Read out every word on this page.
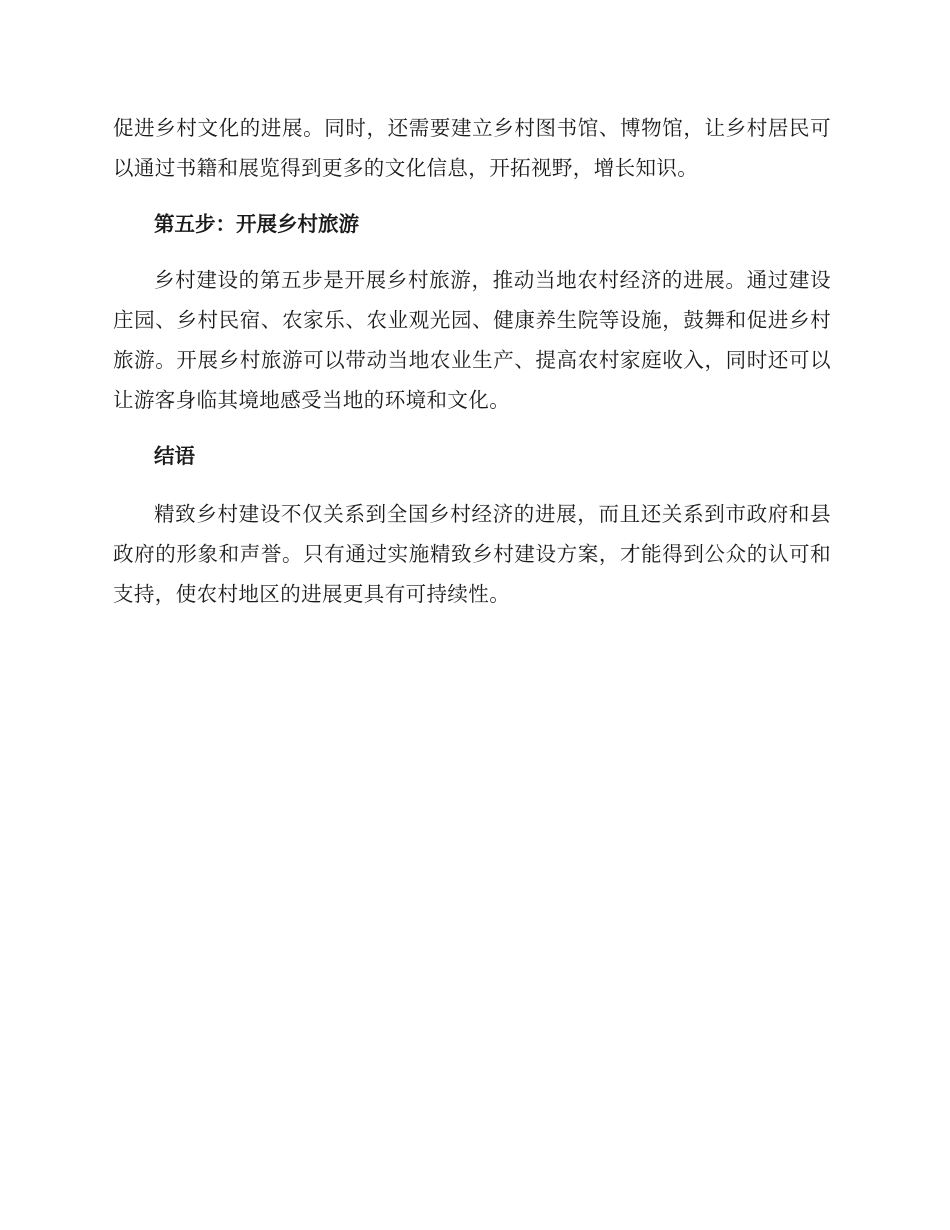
促进乡村文化的进展。同时，还需要建立乡村图书馆、博物馆，让乡村居民可以通过书籍和展览得到更多的文化信息，开拓视野，增长知识。

第五步：开展乡村旅游

乡村建设的第五步是开展乡村旅游，推动当地农村经济的进展。通过建设庄园、乡村民宿、农家乐、农业观光园、健康养生院等设施，鼓舞和促进乡村旅游。开展乡村旅游可以带动当地农业生产、提高农村家庭收入，同时还可以让游客身临其境地感受当地的环境和文化。

结语

精致乡村建设不仅关系到全国乡村经济的进展，而且还关系到市政府和县政府的形象和声誉。只有通过实施精致乡村建设方案，才能得到公众的认可和支持，使农村地区的进展更具有可持续性。
